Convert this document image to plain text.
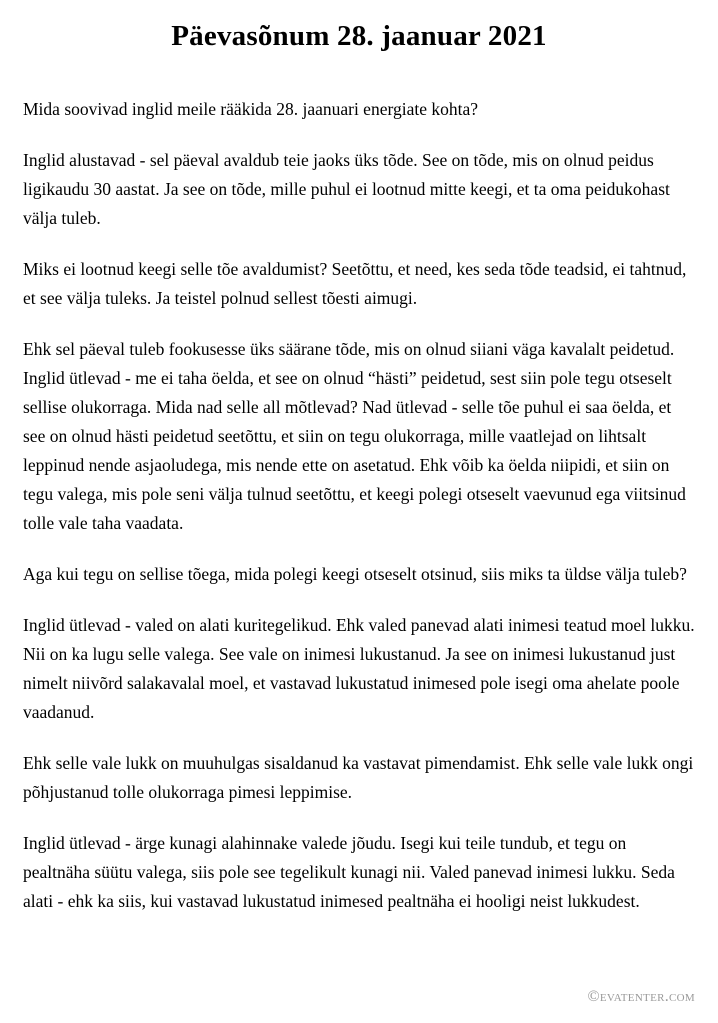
Päevasõnum 28. jaanuar 2021

Mida soovivad inglid meile rääkida 28. jaanuari energiate kohta?

Inglid alustavad - sel päeval avaldub teie jaoks üks tõde. See on tõde, mis on olnud peidus ligikaudu 30 aastat. Ja see on tõde, mille puhul ei lootnud mitte keegi, et ta oma peidukohast välja tuleb.

Miks ei lootnud keegi selle tõe avaldumist? Seetõttu, et need, kes seda tõde teadsid, ei tahtnud, et see välja tuleks. Ja teistel polnud sellest tõesti aimugi.

Ehk sel päeval tuleb fookusesse üks säärane tõde, mis on olnud siiani väga kavalalt peidetud. Inglid ütlevad - me ei taha öelda, et see on olnud “hästi” peidetud, sest siin pole tegu otseselt sellise olukorraga. Mida nad selle all mõtlevad? Nad ütlevad - selle tõe puhul ei saa öelda, et see on olnud hästi peidetud seetõttu, et siin on tegu olukorraga, mille vaatlejad on lihtsalt leppinud nende asjaoludega, mis nende ette on asetatud. Ehk võib ka öelda niipidi, et siin on tegu valega, mis pole seni välja tulnud seetõttu, et keegi polegi otseselt vaevunud ega viitsinud tolle vale taha vaadata.

Aga kui tegu on sellise tõega, mida polegi keegi otseselt otsinud, siis miks ta üldse välja tuleb?

Inglid ütlevad - valed on alati kuritegelikud. Ehk valed panevad alati inimesi teatud moel lukku. Nii on ka lugu selle valega. See vale on inimesi lukustanud. Ja see on inimesi lukustanud just nimelt niivõrd salakavalal moel, et vastavad lukustatud inimesed pole isegi oma ahelate poole vaadanud.

Ehk selle vale lukk on muuhulgas sisaldanud ka vastavat pimendamist. Ehk selle vale lukk ongi põhjustanud tolle olukorraga pimesi leppimise.

Inglid ütlevad - ärge kunagi alahinnake valede jõudu. Isegi kui teile tundub, et tegu on pealtnäha süütu valega, siis pole see tegelikult kunagi nii. Valed panevad inimesi lukku. Seda alati - ehk ka siis, kui vastavad lukustatud inimesed pealtnäha ei hooligi neist lukkudest.

©evatenter.com
